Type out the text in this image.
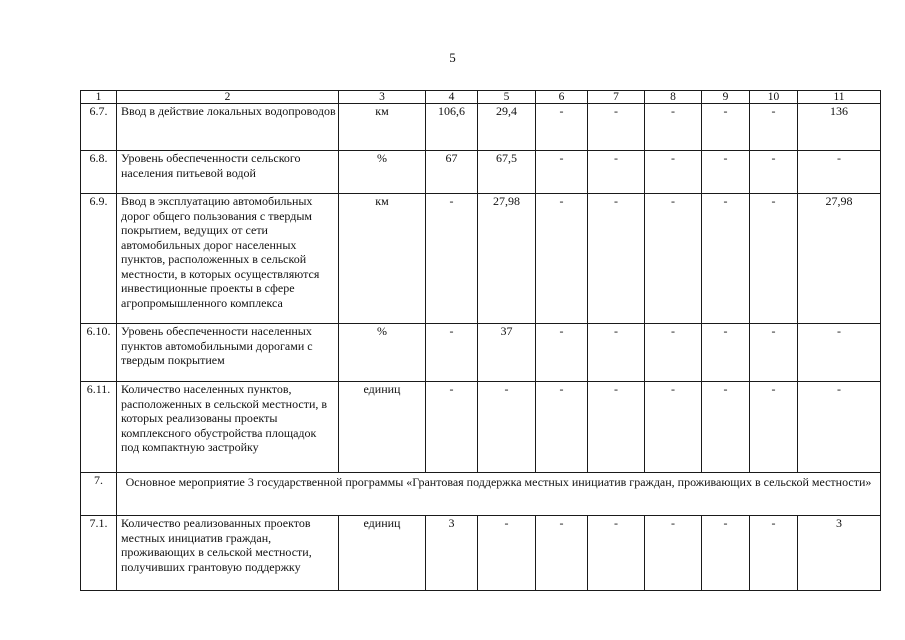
5
1	2	3	4	5	6	7	8	9	10	11
6.7.	Ввод в действие локальных водопроводов	км	106,6	29,4	-	-	-	-	-	136
6.8.	Уровень обеспеченности сельского населения питьевой водой	%	67	67,5	-	-	-	-	-	-
6.9.	Ввод в эксплуатацию автомобильных дорог общего пользования с твердым покрытием, ведущих от сети автомобильных дорог населенных пунктов, расположенных в сельской местности, в которых осуществляются инвестиционные проекты в сфере агропромышленного комплекса	км	-	27,98	-	-	-	-	-	27,98
6.10.	Уровень обеспеченности населенных пунктов автомобильными дорогами с твердым покрытием	%	-	37	-	-	-	-	-	-
6.11.	Количество населенных пунктов, расположенных в сельской местности, в которых реализованы проекты комплексного обустройства площадок под компактную застройку	единиц	-	-	-	-	-	-	-	-
7.	Основное мероприятие 3 государственной программы «Грантовая поддержка местных инициатив граждан, проживающих в сельской местности»									
7.1.	Количество реализованных проектов местных инициатив граждан, проживающих в сельской местности, получивших грантовую поддержку	единиц	3	-	-	-	-	-	-	3
